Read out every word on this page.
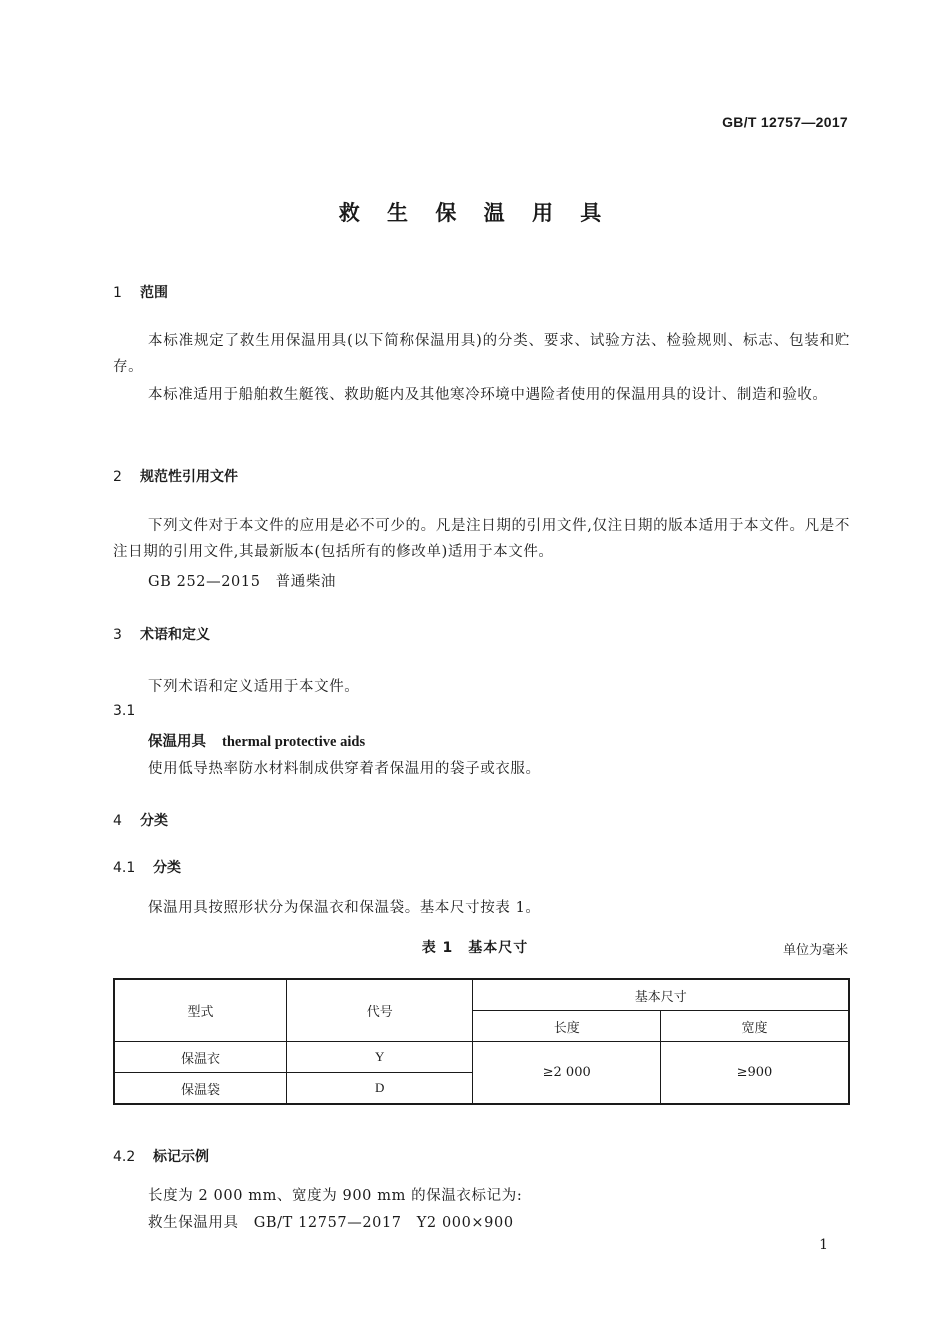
GB/T 12757—2017
救 生 保 温 用 具
1 范围
本标准规定了救生用保温用具(以下简称保温用具)的分类、要求、试验方法、检验规则、标志、包装和贮存。
本标准适用于船舶救生艇筏、救助艇内及其他寒冷环境中遇险者使用的保温用具的设计、制造和验收。
2 规范性引用文件
下列文件对于本文件的应用是必不可少的。凡是注日期的引用文件,仅注日期的版本适用于本文件。凡是不注日期的引用文件,其最新版本(包括所有的修改单)适用于本文件。
GB 252—2015　普通柴油
3 术语和定义
下列术语和定义适用于本文件。
3.1
保温用具 thermal protective aids
使用低导热率防水材料制成供穿着者保温用的袋子或衣服。
4 分类
4.1 分类
保温用具按照形状分为保温衣和保温袋。基本尺寸按表 1。
表 1　基本尺寸	单位为毫米
型式	代号	基本尺寸	
		长度	宽度
保温衣	Y	≥2 000	≥900
保温袋	D		
4.2 标记示例
长度为 2 000 mm、宽度为 900 mm 的保温衣标记为:
救生保温用具　GB/T 12757—2017　Y2 000×900
1
